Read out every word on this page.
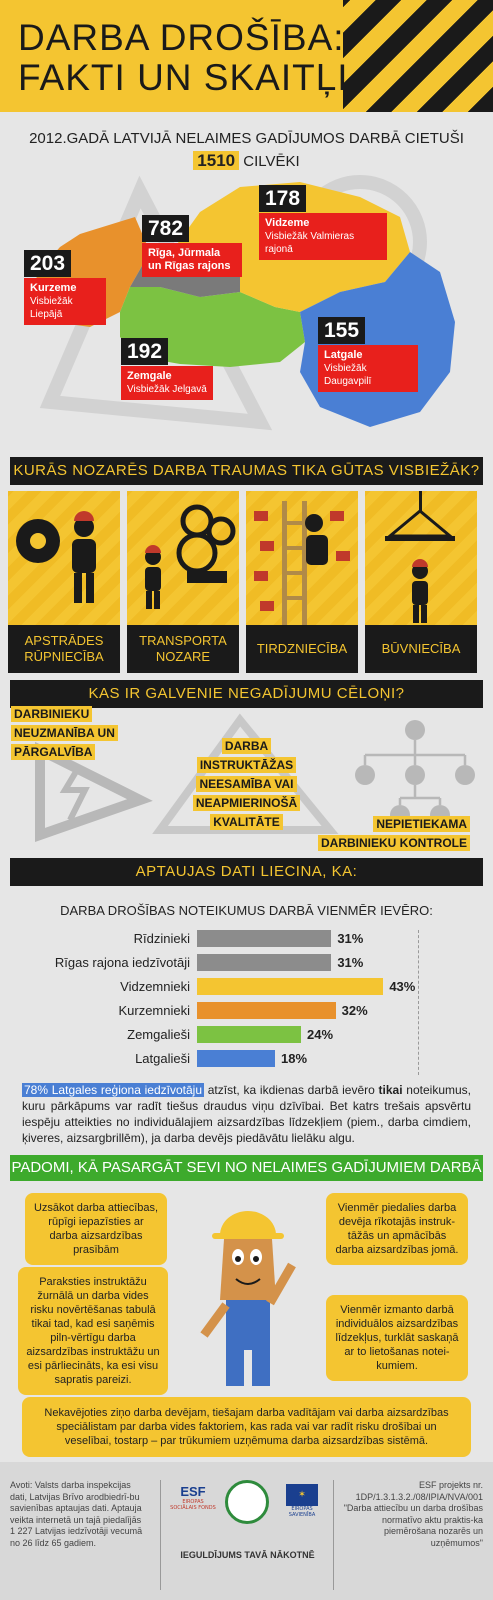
DARBA DROŠĪBA:
FAKTI UN SKAITĻI
2012.GADĀ LATVIJĀ NELAIMES GADĪJUMOS DARBĀ CIETUŠI
1510 CILVĒKI
203
Kurzeme
Visbiežāk Liepājā
782
Rīga, Jūrmala un Rīgas rajons
178
Vidzeme
Visbiežāk Valmieras rajonā
192
Zemgale
Visbiežāk Jelgavā
155
Latgale
Visbiežāk Daugavpilī
KURĀS NOZARĒS DARBA TRAUMAS TIKA GŪTAS VISBIEŽĀK?
APSTRĀDES RŪPNIECĪBA
TRANSPORTA NOZARE
TIRDZNIECĪBA	BŪVNIECĪBA
KAS IR GALVENIE NEGADĪJUMU CĒLOŅI?
DARBINIEKU
NEUZMANĪBA UN
PĀRGALVĪBA	DARBA
INSTRUKTĀŽAS
NEESAMĪBA VAI
NEAPMIERINOŠĀ
KVALITĀTE	NEPIETIEKAMA
DARBINIEKU KONTROLE
APTAUJAS DATI LIECINA, KA:
DARBA DROŠĪBAS NOTEIKUMUS DARBĀ VIENMĒR IEVĒRO:
Rīdzinieki	31%
Rīgas rajona iedzīvotāji	31%
Vidzemnieki	43%
Kurzemnieki	32%
Zemgalieši	24%
Latgalieši	18%
78% Latgales reģiona iedzīvotāju atzīst, ka ikdienas darbā ievēro tikai noteikumus, kuru pārkāpums var radīt tiešus draudus viņu dzīvībai. Bet katrs trešais apsvērtu iespēju atteikties no individuālajiem aizsardzības līdzekļiem (piem., darba cimdiem, ķiveres, aizsargbrillēm), ja darba devējs piedāvātu lielāku algu.
PADOMI, KĀ PASARGĀT SEVI NO NELAIMES GADĪJUMIEM DARBĀ
Uzsākot darba attiecības, rūpīgi iepazīsties ar darba aizsardzības prasībām
Vienmēr piedalies darba devēja rīkotajās instruk-tāžās un apmācībās darba aizsardzības jomā.
Paraksties instruktāžu žurnālā un darba vides risku novērtēšanas tabulā tikai tad, kad esi saņēmis piln-vērtīgu darba aizsardzības instruktāžu un esi pārliecināts, ka esi visu sapratis pareizi.
Vienmēr izmanto darbā individuālos aizsardzības līdzekļus, turklāt saskaņā ar to lietošanas notei-kumiem.
Nekavējoties ziņo darba devējam, tiešajam darba vadītājam vai darba aizsardzības speciālistam par darba vides faktoriem, kas rada vai var radīt risku drošībai un veselībai, tostarp – par trūkumiem uzņēmuma darba aizsardzības sistēmā.
Avoti: Valsts darba inspekcijas dati, Latvijas Brīvo arodbiedrī-bu savienības aptaujas dati. Aptauja veikta internetā un tajā piedalījās 1 227 Latvijas iedzīvotāji vecumā no 26 līdz 65 gadiem.
ESF
EIROPAS SOCIĀLAIS FONDS
✶
EIROPAS SAVIENĪBA
IEGULDĪJUMS TAVĀ NĀKOTNĒ
ESF projekts nr. 1DP/1.3.1.3.2./08/IPIA/NVA/001 "Darba attiecību un darba drošības normatīvo aktu praktis-ka piemērošana nozarēs un uzņēmumos"
